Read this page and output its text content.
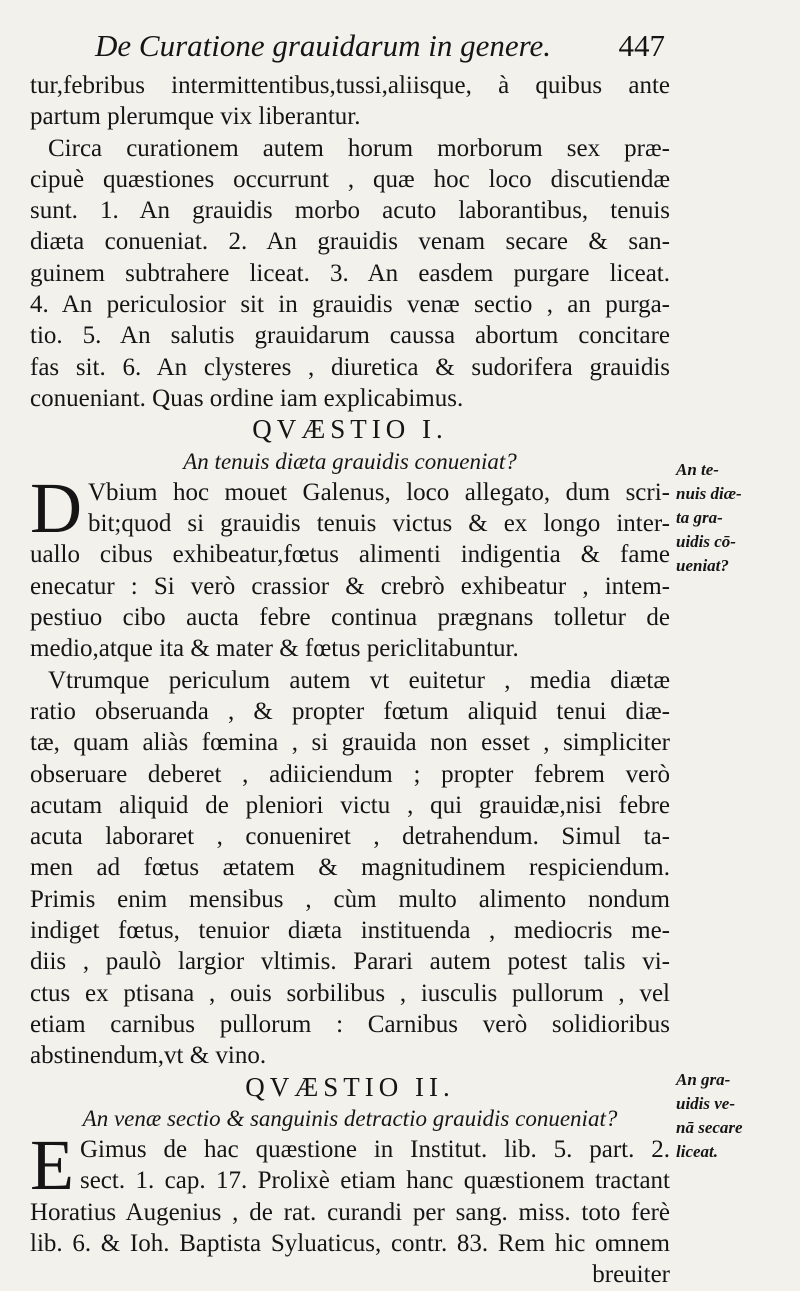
De Curatione grauidarum in genere. 447
tur,febribus intermittentibus,tussi,aliisque, à quibus ante
partum plerumque vix liberantur.
Circa curationem autem horum morborum sex præ-
cipuè quæstiones occurrunt , quæ hoc loco discutiendæ
sunt. 1. An grauidis morbo acuto laborantibus, tenuis
diæta conueniat. 2. An grauidis venam secare & san-
guinem subtrahere liceat. 3. An easdem purgare liceat.
4. An periculosior sit in grauidis venæ sectio , an purga-
tio. 5. An salutis grauidarum caussa abortum concitare
fas sit. 6. An clysteres , diuretica & sudorifera grauidis
conueniant. Quas ordine iam explicabimus.
QVÆSTIO I.
An tenuis diæta grauidis conueniat?
D Vbium hoc mouet Galenus, loco allegato, dum scri-
bit;quod si grauidis tenuis victus & ex longo inter-
uallo cibus exhibeatur,fœtus alimenti indigentia & fame
enecatur : Si verò crassior & crebrò exhibeatur , intem-
pestiuo cibo aucta febre continua prægnans tolletur de
medio,atque ita & mater & fœtus periclitabuntur.
Vtrumque periculum autem vt euitetur , media diætæ
ratio obseruanda , & propter fœtum aliquid tenui diæ-
tæ, quam aliàs fœmina , si grauida non esset , simpliciter
obseruare deberet , adiiciendum ; propter febrem verò
acutam aliquid de pleniori victu , qui grauidæ,nisi febre
acuta laboraret , conueniret , detrahendum. Simul ta-
men ad fœtus ætatem & magnitudinem respiciendum.
Primis enim mensibus , cùm multo alimento nondum
indiget fœtus, tenuior diæta instituenda , mediocris me-
diis , paulò largior vltimis. Parari autem potest talis vi-
ctus ex ptisana , ouis sorbilibus , iusculis pullorum , vel
etiam carnibus pullorum : Carnibus verò solidioribus
abstinendum,vt & vino.
QVÆSTIO II.
An venæ sectio & sanguinis detractio grauidis conueniat?
E Gimus de hac quæstione in Institut. lib. 5. part. 2.
sect. 1. cap. 17. Prolixè etiam hanc quæstionem tractant
Horatius Augenius , de rat. curandi per sang. miss. toto ferè
lib. 6. & Ioh. Baptista Syluaticus, contr. 83. Rem hic omnem
breuiter
An te-
nuis diæ-
ta gra-
uidis cō-
ueniat?
An gra-
uidis ve-
nā secare
liceat.
